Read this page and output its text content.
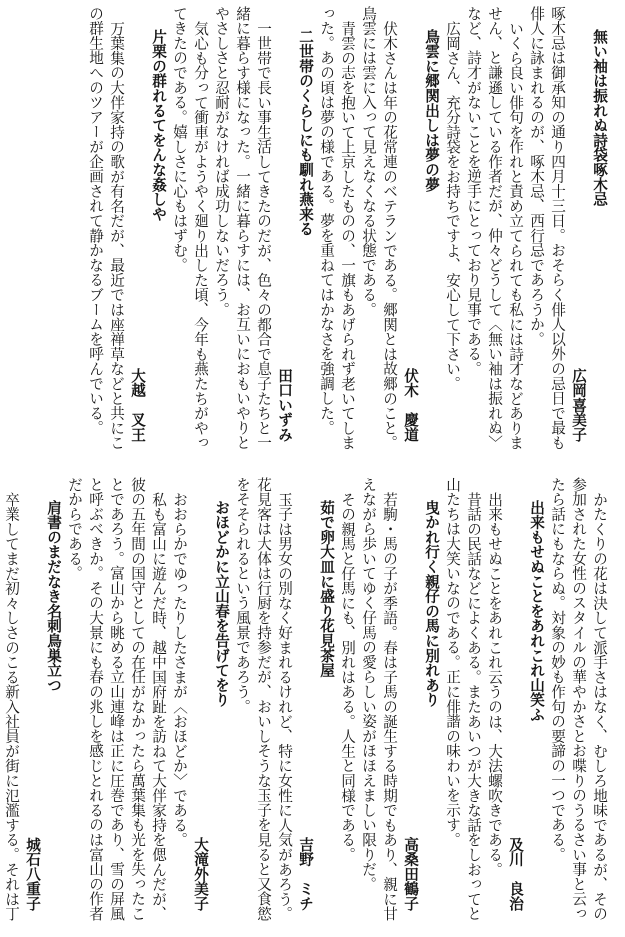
無い袖は振れぬ詩袋啄木忌
広岡喜美子
啄木忌は御承知の通り四月十三日。おそらく俳人以外の忌日で最も俳人に詠まれるのが、啄木忌、西行忌であろうか。
いくら良い俳句を作れと責め立てられても私には詩才などありません、と謙遜している作者だが、仲々どうして〈無い袖は振れぬ〉など、詩才がないことを逆手にとっており見事である。
広岡さん、充分詩袋をお持ちですよ、安心して下さい。
鳥雲に郷関出しは夢の夢
伏木　慶道
伏木さんは年の花常連のベテランである。郷関とは故郷のこと。鳥雲には雲に入って見えなくなる状態である。
青雲の志を抱いて上京したものの、一旗もあげられず老いてしまった。あの頃は夢の様である。夢を重ねてはかなさを強調した。
二世帯のくらしにも馴れ燕来る
田口いずみ
一世帯で長い事生活してきたのだが、色々の都合で息子たちと一緒に暮らす様になった。一緒に暮らすには、お互いにおもいやりとやさしさと忍耐がなければ成功しないだろう。
気心も分って衝車がようやく廻り出した頃、今年も燕たちがやってきたのである。嬉しさに心もはずむ。
片栗の群れるてをんな姦しや
大越　叉王
万葉集の大伴家持の歌が有名だが、最近では座禅草などと共にこの群生地へのツアーが企画されて静かなるブームを呼んでいる。
かたくりの花は決して派手さはなく、むしろ地味であるが、その参加された女性のスタイルの華やかさとお喋りのうるさい事と云ったら話にもならぬ。対象の妙も作句の要諦の一つである。
出来もせぬことをあれこれ山笑ふ
及川　良治
出来もせぬことをあれこれ云うのは、大法螺吹きである。
昔話の民話などによくある。またあいつが大きな話をしおってと山たちは大笑いなのである。正に俳諧の味わいを示す。
曳かれ行く親仔の馬に別れあり
高桑田鶴子
若駒・馬の子が季語。春は子馬の誕生する時期でもあり、親に甘えながら歩いてゆく仔馬の愛らしい姿がほほえましい限りだ。
その親馬と仔馬にも、別れはある。人生と同様である。
茹で卵大皿に盛り花見茶屋
吉野　ミチ
玉子は男女の別なく好まれるけれど、特に女性に人気があろう。花見客は大体は行厨を持参だが、おいしそうな玉子を見ると又食慾をそそられるという風景であろう。
おほどかに立山春を告げてをり
大滝外美子
おおらかでゆったりしたさまが〈おほどか〉である。
私も富山に遊んだ時、越中国府趾を訪ねて大伴家持を偲んだが、彼の五年間の国守としての在任がなかったら萬葉集も光を失ったことであろう。富山から眺める立山連峰は正に圧巻であり、雪の屏風と呼ぶべきか。その大景にも春の兆しを感じとれるのは富山の作者だからである。
肩書のまだなき名刺鳥巣立つ
城石八重子
卒業してまだ初々しさのこる新入社員が街に氾濫する。それは丁
